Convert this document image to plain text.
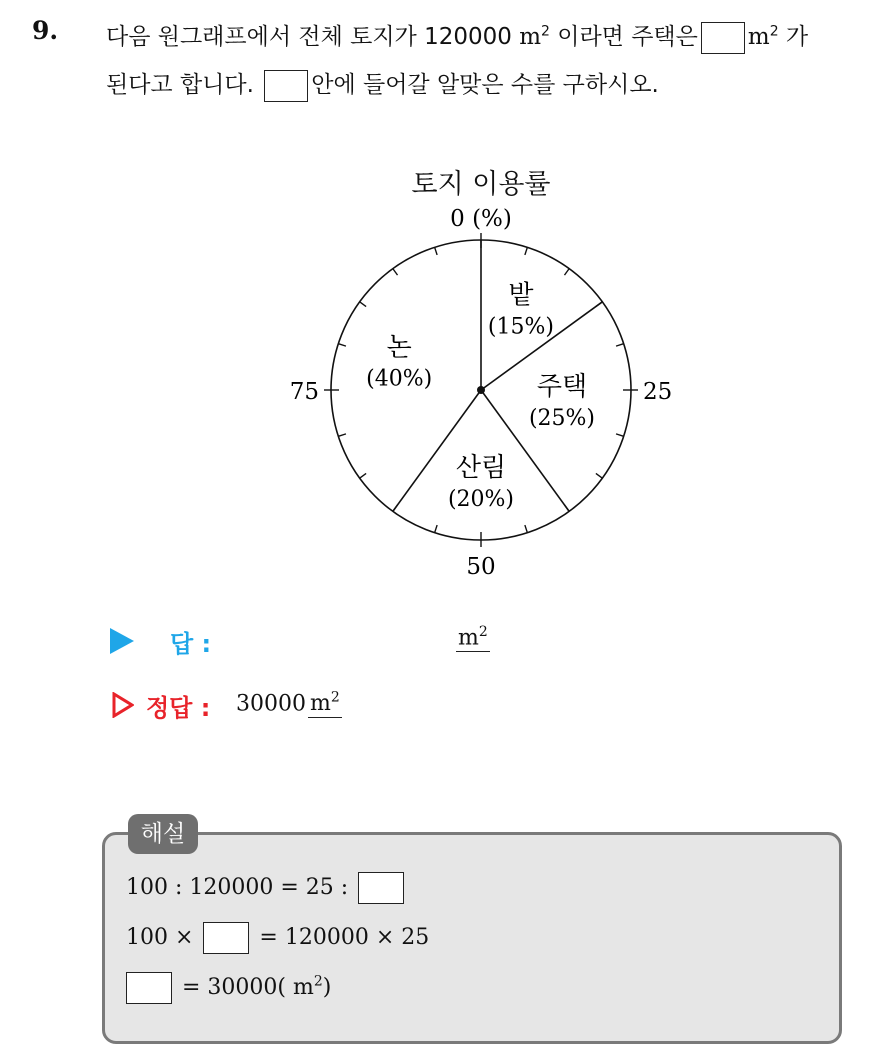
9. 다음 원그래프에서 전체 토지가 120000 $m^2$ 이라면 주택은 $m^2$ 가
된다고 합니다. 안에 들어갈 알맞은 수를 구하시오.
토지 이용률
밭
(15%)
주택
(25%)
산림
(20%)
논
(40%)
0 (%)
25
50
75
답 :	$m^2$
정답 : 30000 $m^2$
해설
100 : 120000 = 25 :
100 ×	= 120000 × 25
= 30000( $m^2$)
